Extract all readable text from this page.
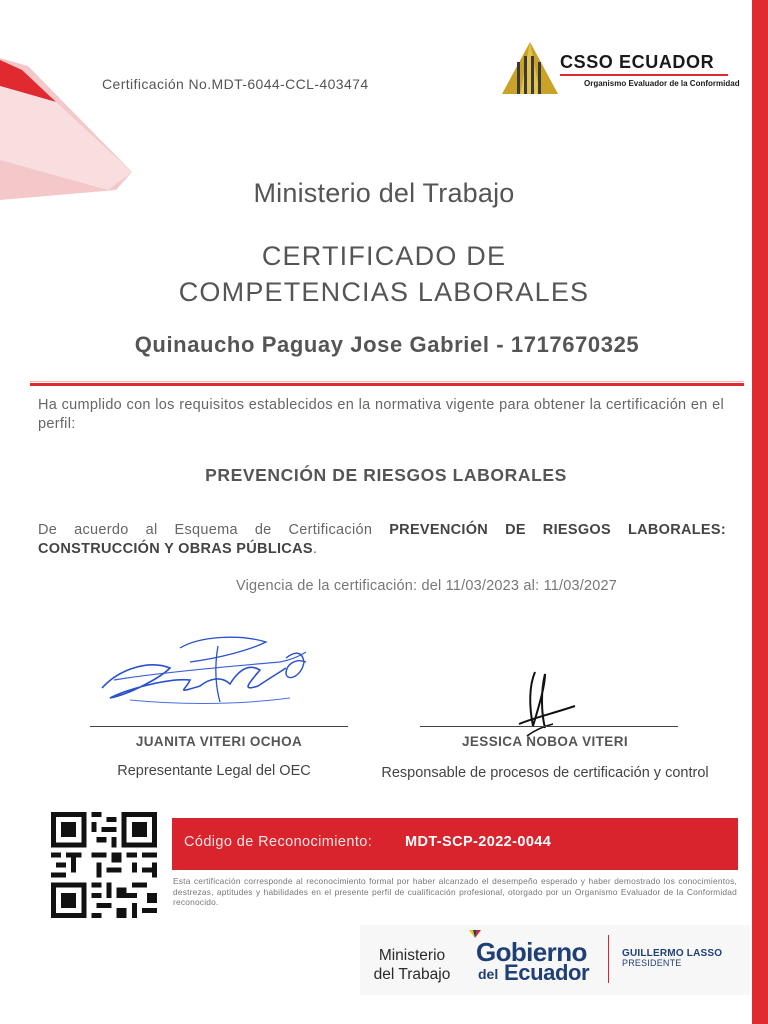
Certificación No.MDT-6044-CCL-403474
CSSO ECUADOR
Organismo Evaluador de la Conformidad
Ministerio del Trabajo
CERTIFICADO DE
COMPETENCIAS LABORALES
Quinaucho Paguay Jose Gabriel - 1717670325
Ha cumplido con los requisitos establecidos en la normativa vigente para obtener la certificación en el perfil:
PREVENCIÓN DE RIESGOS LABORALES
De acuerdo al Esquema de Certificación PREVENCIÓN DE RIESGOS LABORALES: CONSTRUCCIÓN Y OBRAS PÚBLICAS.
Vigencia de la certificación: del 11/03/2023 al: 11/03/2027
JUANITA VITERI OCHOA	JESSICA NOBOA VITERI
Representante Legal del OEC	Responsable de procesos de certificación y control
Código de Reconocimiento: MDT-SCP-2022-0044
Esta certificación corresponde al reconocimiento formal por haber alcanzado el desempeño esperado y haber demostrado los conocimientos, destrezas, aptitudes y habilidades en el presente perfil de cualificación profesional, otorgado por un Organismo Evaluador de la Conformidad reconocido.
Ministerio
del Trabajo
Gobierno
del Ecuador
GUILLERMO LASSO
PRESIDENTE
